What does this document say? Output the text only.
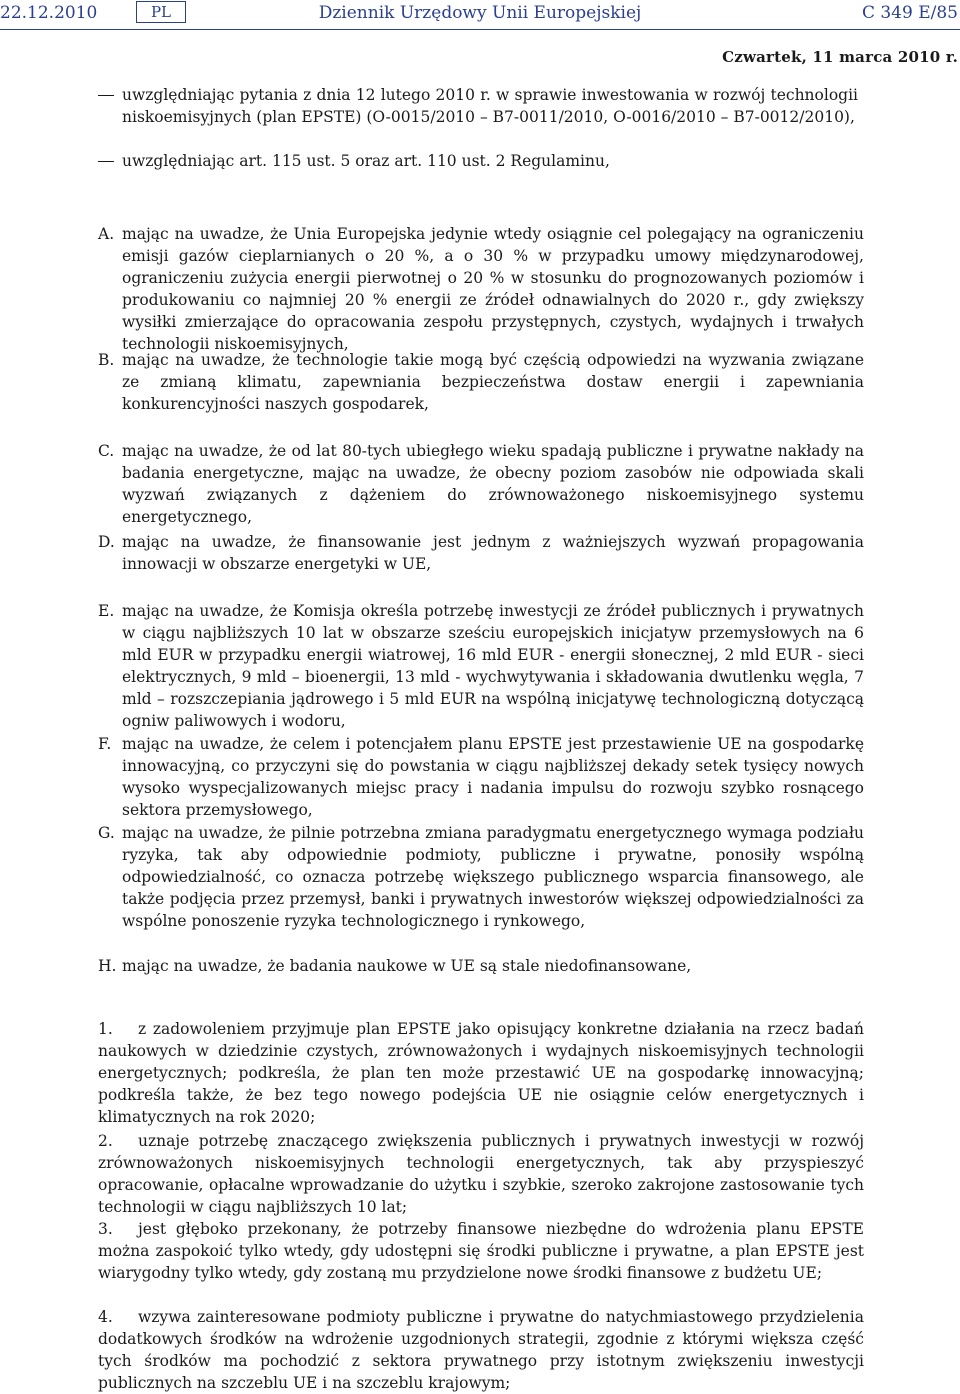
22.12.2010	PL	Dziennik Urzędowy Unii Europejskiej	C 349 E/85
Czwartek, 11 marca 2010 r.
uwzględniając pytania z dnia 12 lutego 2010 r. w sprawie inwestowania w rozwój technologii niskoemisyjnych (plan EPSTE) (O-0015/2010 – B7-0011/2010, O-0016/2010 – B7-0012/2010),
uwzględniając art. 115 ust. 5 oraz art. 110 ust. 2 Regulaminu,
A. mając na uwadze, że Unia Europejska jedynie wtedy osiągnie cel polegający na ograniczeniu emisji gazów cieplarnianych o 20 %, a o 30 % w przypadku umowy międzynarodowej, ograniczeniu zużycia energii pierwotnej o 20 % w stosunku do prognozowanych poziomów i produkowaniu co najmniej 20 % energii ze źródeł odnawialnych do 2020 r., gdy zwiększy wysiłki zmierzające do opracowania zespołu przystępnych, czystych, wydajnych i trwałych technologii niskoemisyjnych,
B. mając na uwadze, że technologie takie mogą być częścią odpowiedzi na wyzwania związane ze zmianą klimatu, zapewniania bezpieczeństwa dostaw energii i zapewniania konkurencyjności naszych gospodarek,
C. mając na uwadze, że od lat 80-tych ubiegłego wieku spadają publiczne i prywatne nakłady na badania energetyczne, mając na uwadze, że obecny poziom zasobów nie odpowiada skali wyzwań związanych z dążeniem do zrównoważonego niskoemisyjnego systemu energetycznego,
D. mając na uwadze, że finansowanie jest jednym z ważniejszych wyzwań propagowania innowacji w obszarze energetyki w UE,
E. mając na uwadze, że Komisja określa potrzebę inwestycji ze źródeł publicznych i prywatnych w ciągu najbliższych 10 lat w obszarze sześciu europejskich inicjatyw przemysłowych na 6 mld EUR w przypadku energii wiatrowej, 16 mld EUR - energii słonecznej, 2 mld EUR - sieci elektrycznych, 9 mld – bioenergii, 13 mld - wychwytywania i składowania dwutlenku węgla, 7 mld – rozszczepiania jądrowego i 5 mld EUR na wspólną inicjatywę technologiczną dotyczącą ogniw paliwowych i wodoru,
F. mając na uwadze, że celem i potencjałem planu EPSTE jest przestawienie UE na gospodarkę innowacyjną, co przyczyni się do powstania w ciągu najbliższej dekady setek tysięcy nowych wysoko wyspecjalizowanych miejsc pracy i nadania impulsu do rozwoju szybko rosnącego sektora przemysłowego,
G. mając na uwadze, że pilnie potrzebna zmiana paradygmatu energetycznego wymaga podziału ryzyka, tak aby odpowiednie podmioty, publiczne i prywatne, ponosiły wspólną odpowiedzialność, co oznacza potrzebę większego publicznego wsparcia finansowego, ale także podjęcia przez przemysł, banki i prywatnych inwestorów większej odpowiedzialności za wspólne ponoszenie ryzyka technologicznego i rynkowego,
H. mając na uwadze, że badania naukowe w UE są stale niedofinansowane,
1. z zadowoleniem przyjmuje plan EPSTE jako opisujący konkretne działania na rzecz badań naukowych w dziedzinie czystych, zrównoważonych i wydajnych niskoemisyjnych technologii energetycznych; podkreśla, że plan ten może przestawić UE na gospodarkę innowacyjną; podkreśla także, że bez tego nowego podejścia UE nie osiągnie celów energetycznych i klimatycznych na rok 2020;
2. uznaje potrzebę znaczącego zwiększenia publicznych i prywatnych inwestycji w rozwój zrównoważonych niskoemisyjnych technologii energetycznych, tak aby przyspieszyć opracowanie, opłacalne wprowadzanie do użytku i szybkie, szeroko zakrojone zastosowanie tych technologii w ciągu najbliższych 10 lat;
3. jest głęboko przekonany, że potrzeby finansowe niezbędne do wdrożenia planu EPSTE można zaspokoić tylko wtedy, gdy udostępni się środki publiczne i prywatne, a plan EPSTE jest wiarygodny tylko wtedy, gdy zostaną mu przydzielone nowe środki finansowe z budżetu UE;
4. wzywa zainteresowane podmioty publiczne i prywatne do natychmiastowego przydzielenia dodatkowych środków na wdrożenie uzgodnionych strategii, zgodnie z którymi większa część tych środków ma pochodzić z sektora prywatnego przy istotnym zwiększeniu inwestycji publicznych na szczeblu UE i na szczeblu krajowym;
